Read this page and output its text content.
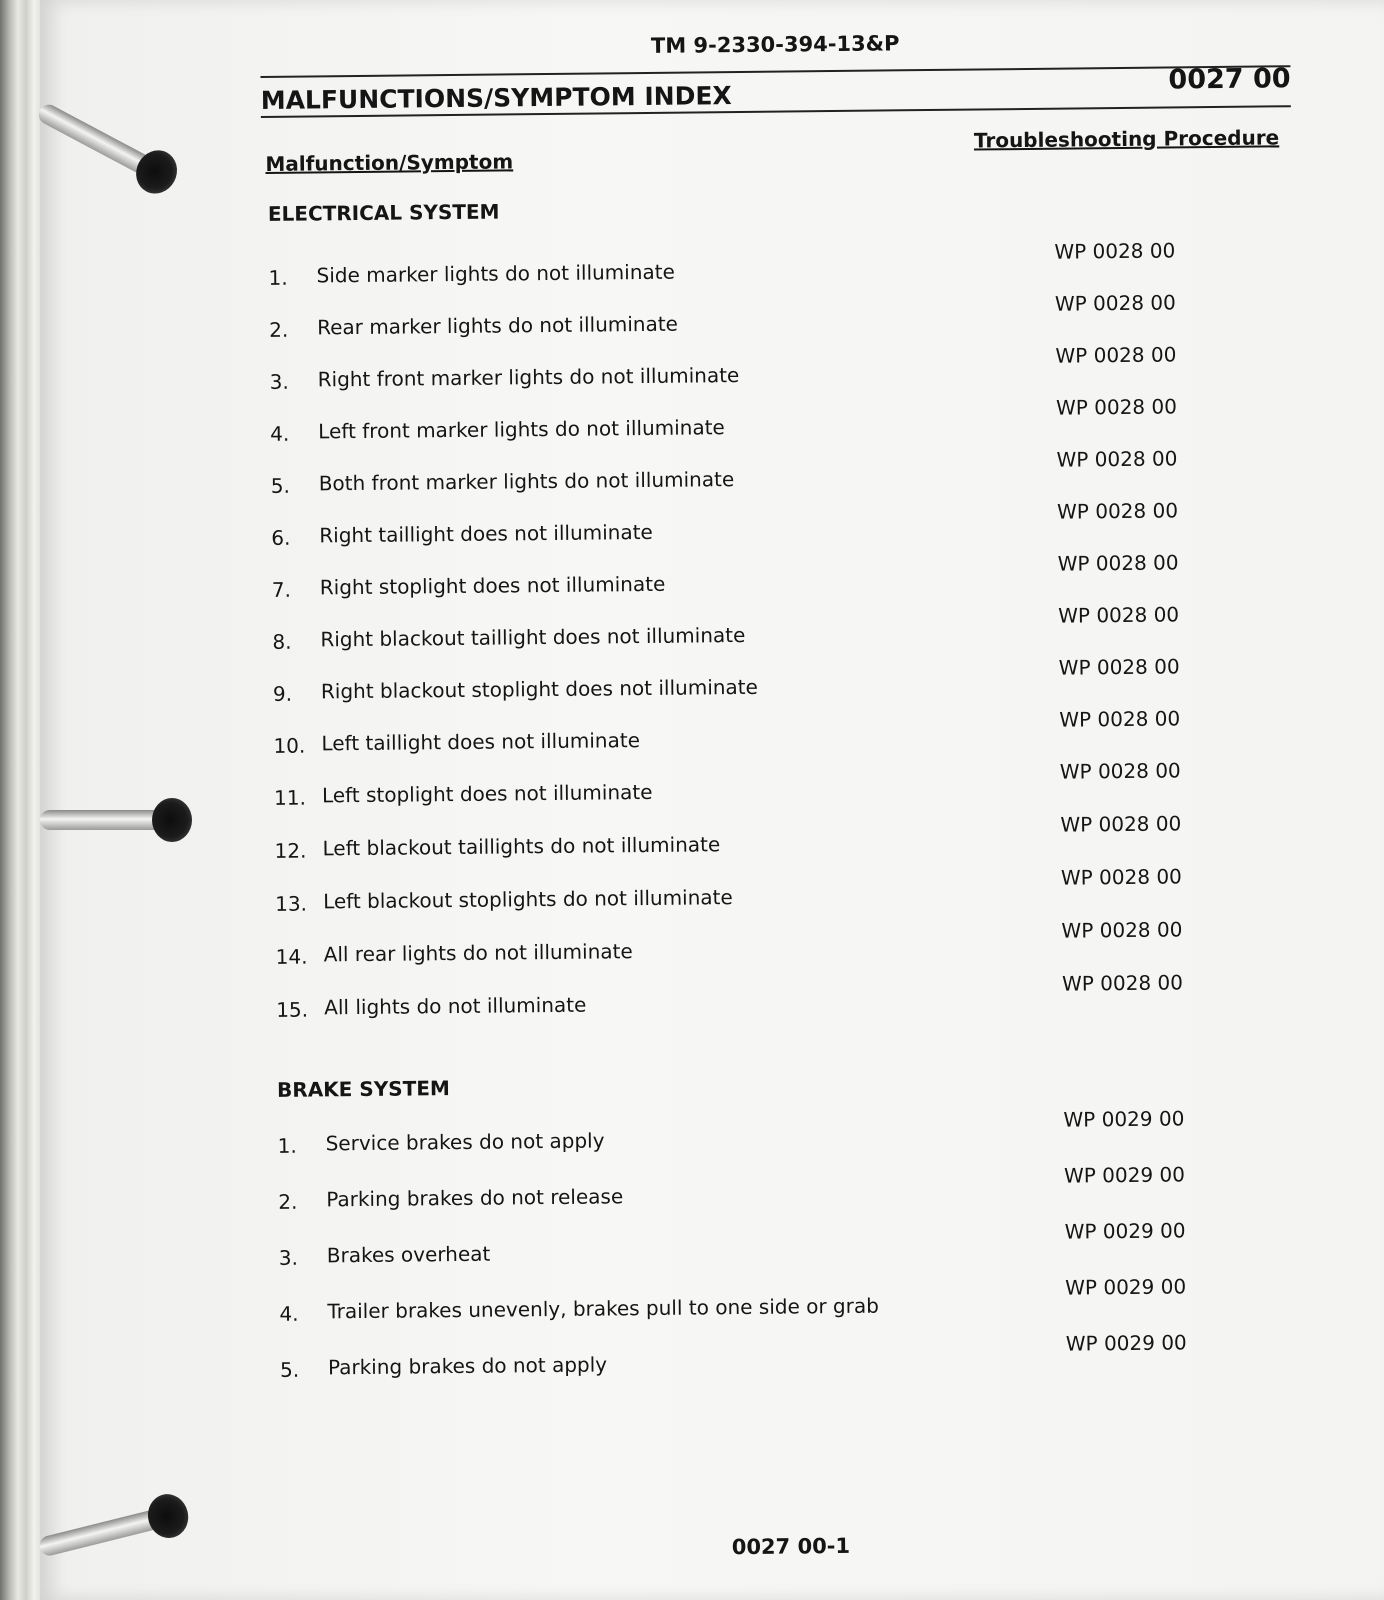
TM 9-2330-394-13&P
MALFUNCTIONS/SYMPTOM INDEX
0027 00
Malfunction/Symptom
Troubleshooting Procedure
ELECTRICAL SYSTEM
1. Side marker lights do not illuminate
WP 0028 00
2. Rear marker lights do not illuminate
WP 0028 00
3. Right front marker lights do not illuminate
WP 0028 00
4. Left front marker lights do not illuminate
WP 0028 00
5. Both front marker lights do not illuminate
WP 0028 00
6. Right taillight does not illuminate
WP 0028 00
7. Right stoplight does not illuminate
WP 0028 00
8. Right blackout taillight does not illuminate
WP 0028 00
9. Right blackout stoplight does not illuminate
WP 0028 00
10. Left taillight does not illuminate
WP 0028 00
11. Left stoplight does not illuminate
WP 0028 00
12. Left blackout taillights do not illuminate
WP 0028 00
13. Left blackout stoplights do not illuminate
WP 0028 00
14. All rear lights do not illuminate
WP 0028 00
15. All lights do not illuminate
WP 0028 00
BRAKE SYSTEM
1. Service brakes do not apply
WP 0029 00
2. Parking brakes do not release
WP 0029 00
3. Brakes overheat
WP 0029 00
4. Trailer brakes unevenly, brakes pull to one side or grab
WP 0029 00
5. Parking brakes do not apply
WP 0029 00
0027 00-1
